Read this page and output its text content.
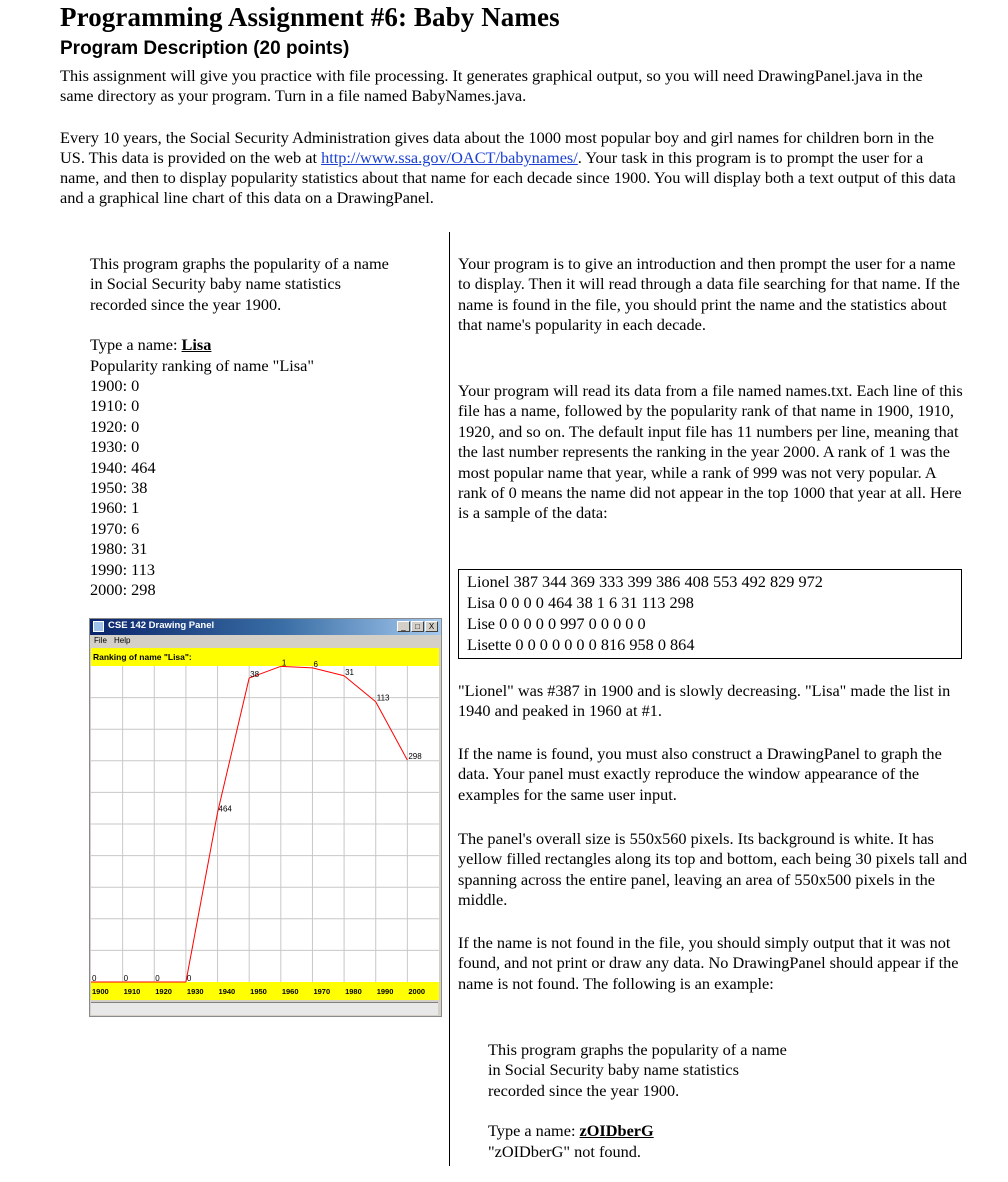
Programming Assignment #6: Baby Names
Program Description (20 points)

This assignment will give you practice with file processing. It generates graphical output, so you will need DrawingPanel.java in the same directory as your program. Turn in a file named BabyNames.java.

Every 10 years, the Social Security Administration gives data about the 1000 most popular boy and girl names for children born in the US. This data is provided on the web at http://www.ssa.gov/OACT/babynames/. Your task in this program is to prompt the user for a name, and then to display popularity statistics about that name for each decade since 1900. You will display both a text output of this data and a graphical line chart of this data on a DrawingPanel.

This program graphs the popularity of a name
in Social Security baby name statistics
recorded since the year 1900.
Type a name: Lisa
Popularity ranking of name "Lisa"
1900: 0
1910: 0
1920: 0
1930: 0
1940: 464
1950: 38
1960: 1
1970: 6
1980: 31
1990: 113
2000: 298
CSE 142 Drawing Panel	_	□	X
File Help
Ranking of name "Lisa":
0	0	0	0
464
38
1	6
31
113
298
1900 1910 1920 1930 1940 1950 1960 1970 1980 1990 2000

Your program is to give an introduction and then prompt the user for a name to display. Then it will read through a data file searching for that name. If the name is found in the file, you should print the name and the statistics about that name's popularity in each decade.

Your program will read its data from a file named names.txt. Each line of this file has a name, followed by the popularity rank of that name in 1900, 1910, 1920, and so on. The default input file has 11 numbers per line, meaning that the last number represents the ranking in the year 2000. A rank of 1 was the most popular name that year, while a rank of 999 was not very popular. A rank of 0 means the name did not appear in the top 1000 that year at all. Here is a sample of the data:

Lionel 387 344 369 333 399 386 408 553 492 829 972
Lisa 0 0 0 0 464 38 1 6 31 113 298
Lise 0 0 0 0 0 997 0 0 0 0 0
Lisette 0 0 0 0 0 0 0 816 958 0 864

"Lionel" was #387 in 1900 and is slowly decreasing. "Lisa" made the list in 1940 and peaked in 1960 at #1.

If the name is found, you must also construct a DrawingPanel to graph the data. Your panel must exactly reproduce the window appearance of the examples for the same user input.

The panel's overall size is 550x560 pixels. Its background is white. It has yellow filled rectangles along its top and bottom, each being 30 pixels tall and spanning across the entire panel, leaving an area of 550x500 pixels in the middle.

If the name is not found in the file, you should simply output that it was not found, and not print or draw any data. No DrawingPanel should appear if the name is not found. The following is an example:

This program graphs the popularity of a name
in Social Security baby name statistics
recorded since the year 1900.
Type a name: zOIDberG
"zOIDberG" not found.
